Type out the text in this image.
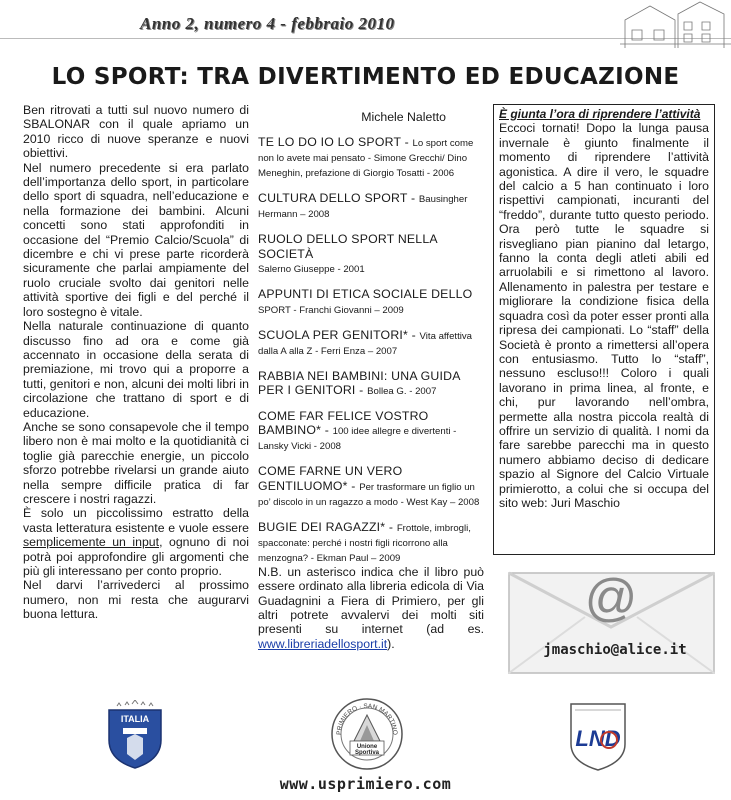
Anno 2, numero 4 - febbraio 2010
LO SPORT: TRA DIVERTIMENTO ED EDUCAZIONE

Ben ritrovati a tutti sul nuovo numero di SBALONAR con il quale apriamo un 2010 ricco di nuove speranze e nuovi obiettivi.

Nel numero precedente si era parlato dell’importanza dello sport, in particolare dello sport di squadra, nell’educazione e nella formazione dei bambini. Alcuni concetti sono stati approfonditi in occasione del “Premio Calcio/Scuola” di dicembre e chi vi prese parte ricorderà sicuramente che parlai ampiamente del ruolo cruciale svolto dai genitori nelle attività sportive dei figli e del perché il loro sostegno è vitale.

Nella naturale continuazione di quanto discusso fino ad ora e come già accennato in occasione della serata di premiazione, mi trovo qui a proporre a tutti, genitori e non, alcuni dei molti libri in circolazione che trattano di sport e di educazione.

Anche se sono consapevole che il tempo libero non è mai molto e la quotidianità ci toglie già parecchie energie, un piccolo sforzo potrebbe rivelarsi un grande aiuto nella sempre difficile pratica di far crescere i nostri ragazzi.

È solo un piccolissimo estratto della vasta letteratura esistente e vuole essere semplicemente un input, ognuno di noi potrà poi approfondire gli argomenti che più gli interessano per conto proprio.

Nel darvi l’arrivederci al prossimo numero, non mi resta che augurarvi buona lettura.

Michele Naletto
TE LO DO IO LO SPORT - Lo sport come non lo avete mai pensato - Simone Grecchi/ Dino Meneghin, prefazione di Giorgio Tosatti - 2006
CULTURA DELLO SPORT - Bausingher Hermann – 2008
RUOLO DELLO SPORT NELLA SOCIETÀ
Salerno Giuseppe - 2001
APPUNTI DI ETICA SOCIALE DELLO
SPORT - Franchi Giovanni – 2009
SCUOLA PER GENITORI* - Vita affettiva dalla A alla Z - Ferri Enza – 2007
RABBIA NEI BAMBINI: UNA GUIDA PER I GENITORI - Bollea G. - 2007
COME FAR FELICE VOSTRO BAMBINO* - 100 idee allegre e divertenti - Lansky Vicki - 2008
COME FARNE UN VERO GENTILUOMO* - Per trasformare un figlio un po’ discolo in un ragazzo a modo - West Kay – 2008
BUGIE DEI RAGAZZI* - Frottole, imbrogli, spacconate: perché i nostri figli ricorrono alla menzogna? - Ekman Paul – 2009

N.B. un asterisco indica che il libro può essere ordinato alla libreria edicola di Via Guadagnini a Fiera di Primiero, per gli altri potrete avvalervi dei molti siti presenti su internet (ad es. www.libreriadellosport.it).

È giunta l’ora di riprendere l’attività
Eccoci tornati! Dopo la lunga pausa invernale è giunto finalmente il momento di riprendere l’attività agonistica. A dire il vero, le squadre del calcio a 5 han continuato i loro rispettivi campionati, incuranti del “freddo”, durante tutto questo periodo. Ora però tutte le squadre si risvegliano pian pianino dal letargo, fanno la conta degli atleti abili ed arruolabili e si rimettono al lavoro. Allenamento in palestra per testare e migliorare la condizione fisica della squadra così da poter esser pronti alla ripresa dei campionati. Lo “staff” della Società è pronto a rimettersi all’opera con entusiasmo. Tutto lo “staff”, nessuno escluso!!! Coloro i quali lavorano in prima linea, al fronte, e chi, pur lavorando nell’ombra, permette alla nostra piccola realtà di offrire un servizio di qualità. I nomi da fare sarebbe parecchi ma in questo numero abbiamo deciso di dedicare spazio al Signore del Calcio Virtuale primierotto, a colui che si occupa del sito web: Juri Maschio
@
jmaschio@alice.it
ITALIA
PRIMIERO · SAN MARTINO
Unione
Sportiva
LND
www.usprimiero.com
